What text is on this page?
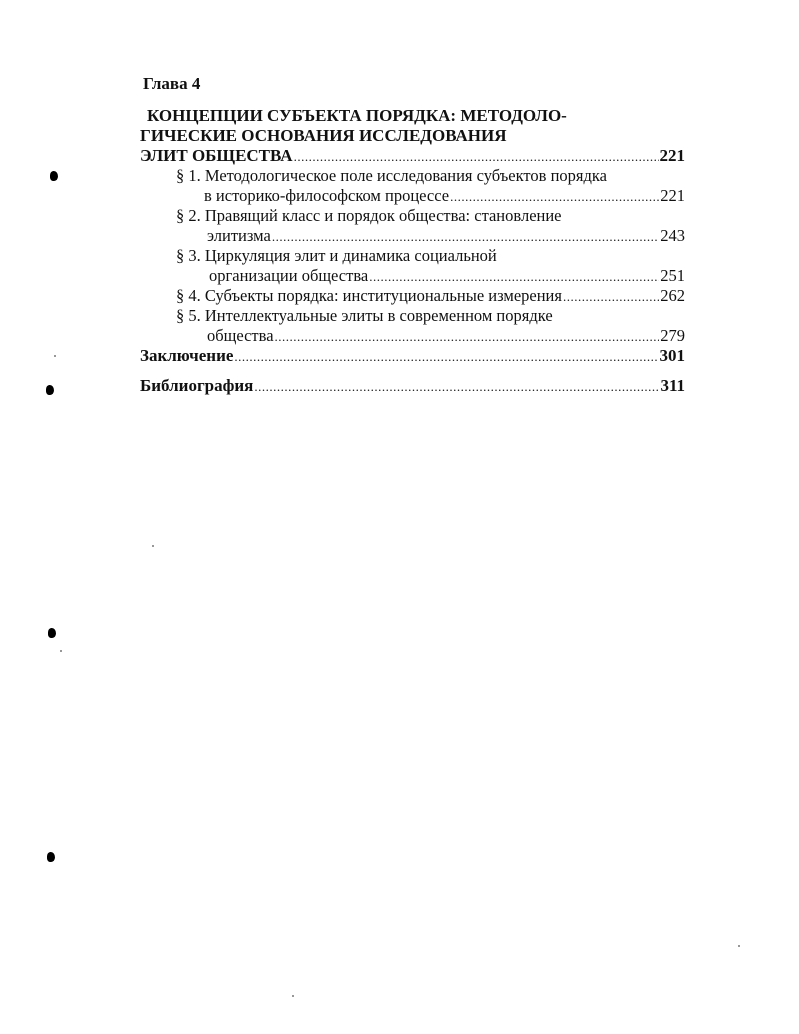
Глава 4
КОНЦЕПЦИИ СУБЪЕКТА ПОРЯДКА: МЕТОДОЛО-
ГИЧЕСКИЕ ОСНОВАНИЯ ИССЛЕДОВАНИЯ
ЭЛИТ ОБЩЕСТВА .....	221
§ 1. Методологическое поле исследования субъектов порядка
в историко-философском процессе .....	221
§ 2. Правящий класс и порядок общества: становление
элитизма .....	243
§ 3. Циркуляция элит и динамика социальной
организации общества .....	251
§ 4. Субъекты порядка: институциональные измерения .....	262
§ 5. Интеллектуальные элиты в современном порядке
общества .....	279
Заключение .....	301
Библиография .....	311
